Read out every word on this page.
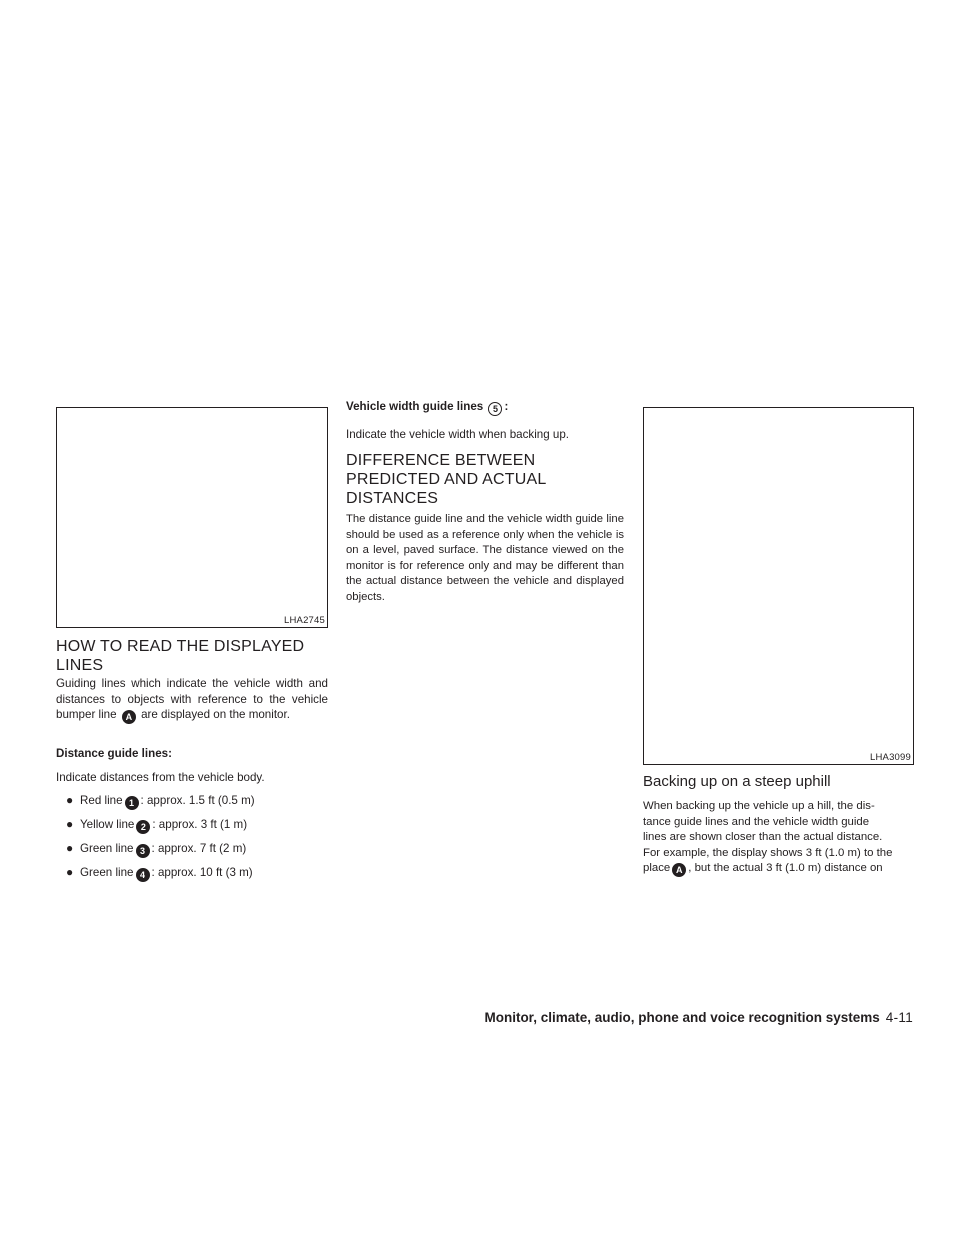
LHA2745
HOW TO READ THE DISPLAYED LINES
Guiding lines which indicate the vehicle width and distances to objects with reference to the vehicle bumper line A are displayed on the monitor.
Distance guide lines:
Indicate distances from the vehicle body.
● Red line 1 : approx. 1.5 ft (0.5 m)
● Yellow line 2 : approx. 3 ft (1 m)
● Green line 3 : approx. 7 ft (2 m)
● Green line 4 : approx. 10 ft (3 m)
Vehicle width guide lines 5 :
Indicate the vehicle width when backing up.
DIFFERENCE BETWEEN
PREDICTED AND ACTUAL
DISTANCES
The distance guide line and the vehicle width guide line should be used as a reference only when the vehicle is on a level, paved surface. The distance viewed on the monitor is for reference only and may be different than the actual distance between the vehicle and displayed objects.
LHA3099
Backing up on a steep uphill
When backing up the vehicle up a hill, the dis-
tance guide lines and the vehicle width guide
lines are shown closer than the actual distance.
For example, the display shows 3 ft (1.0 m) to the
place A , but the actual 3 ft (1.0 m) distance on
Monitor, climate, audio, phone and voice recognition systems 4-11
